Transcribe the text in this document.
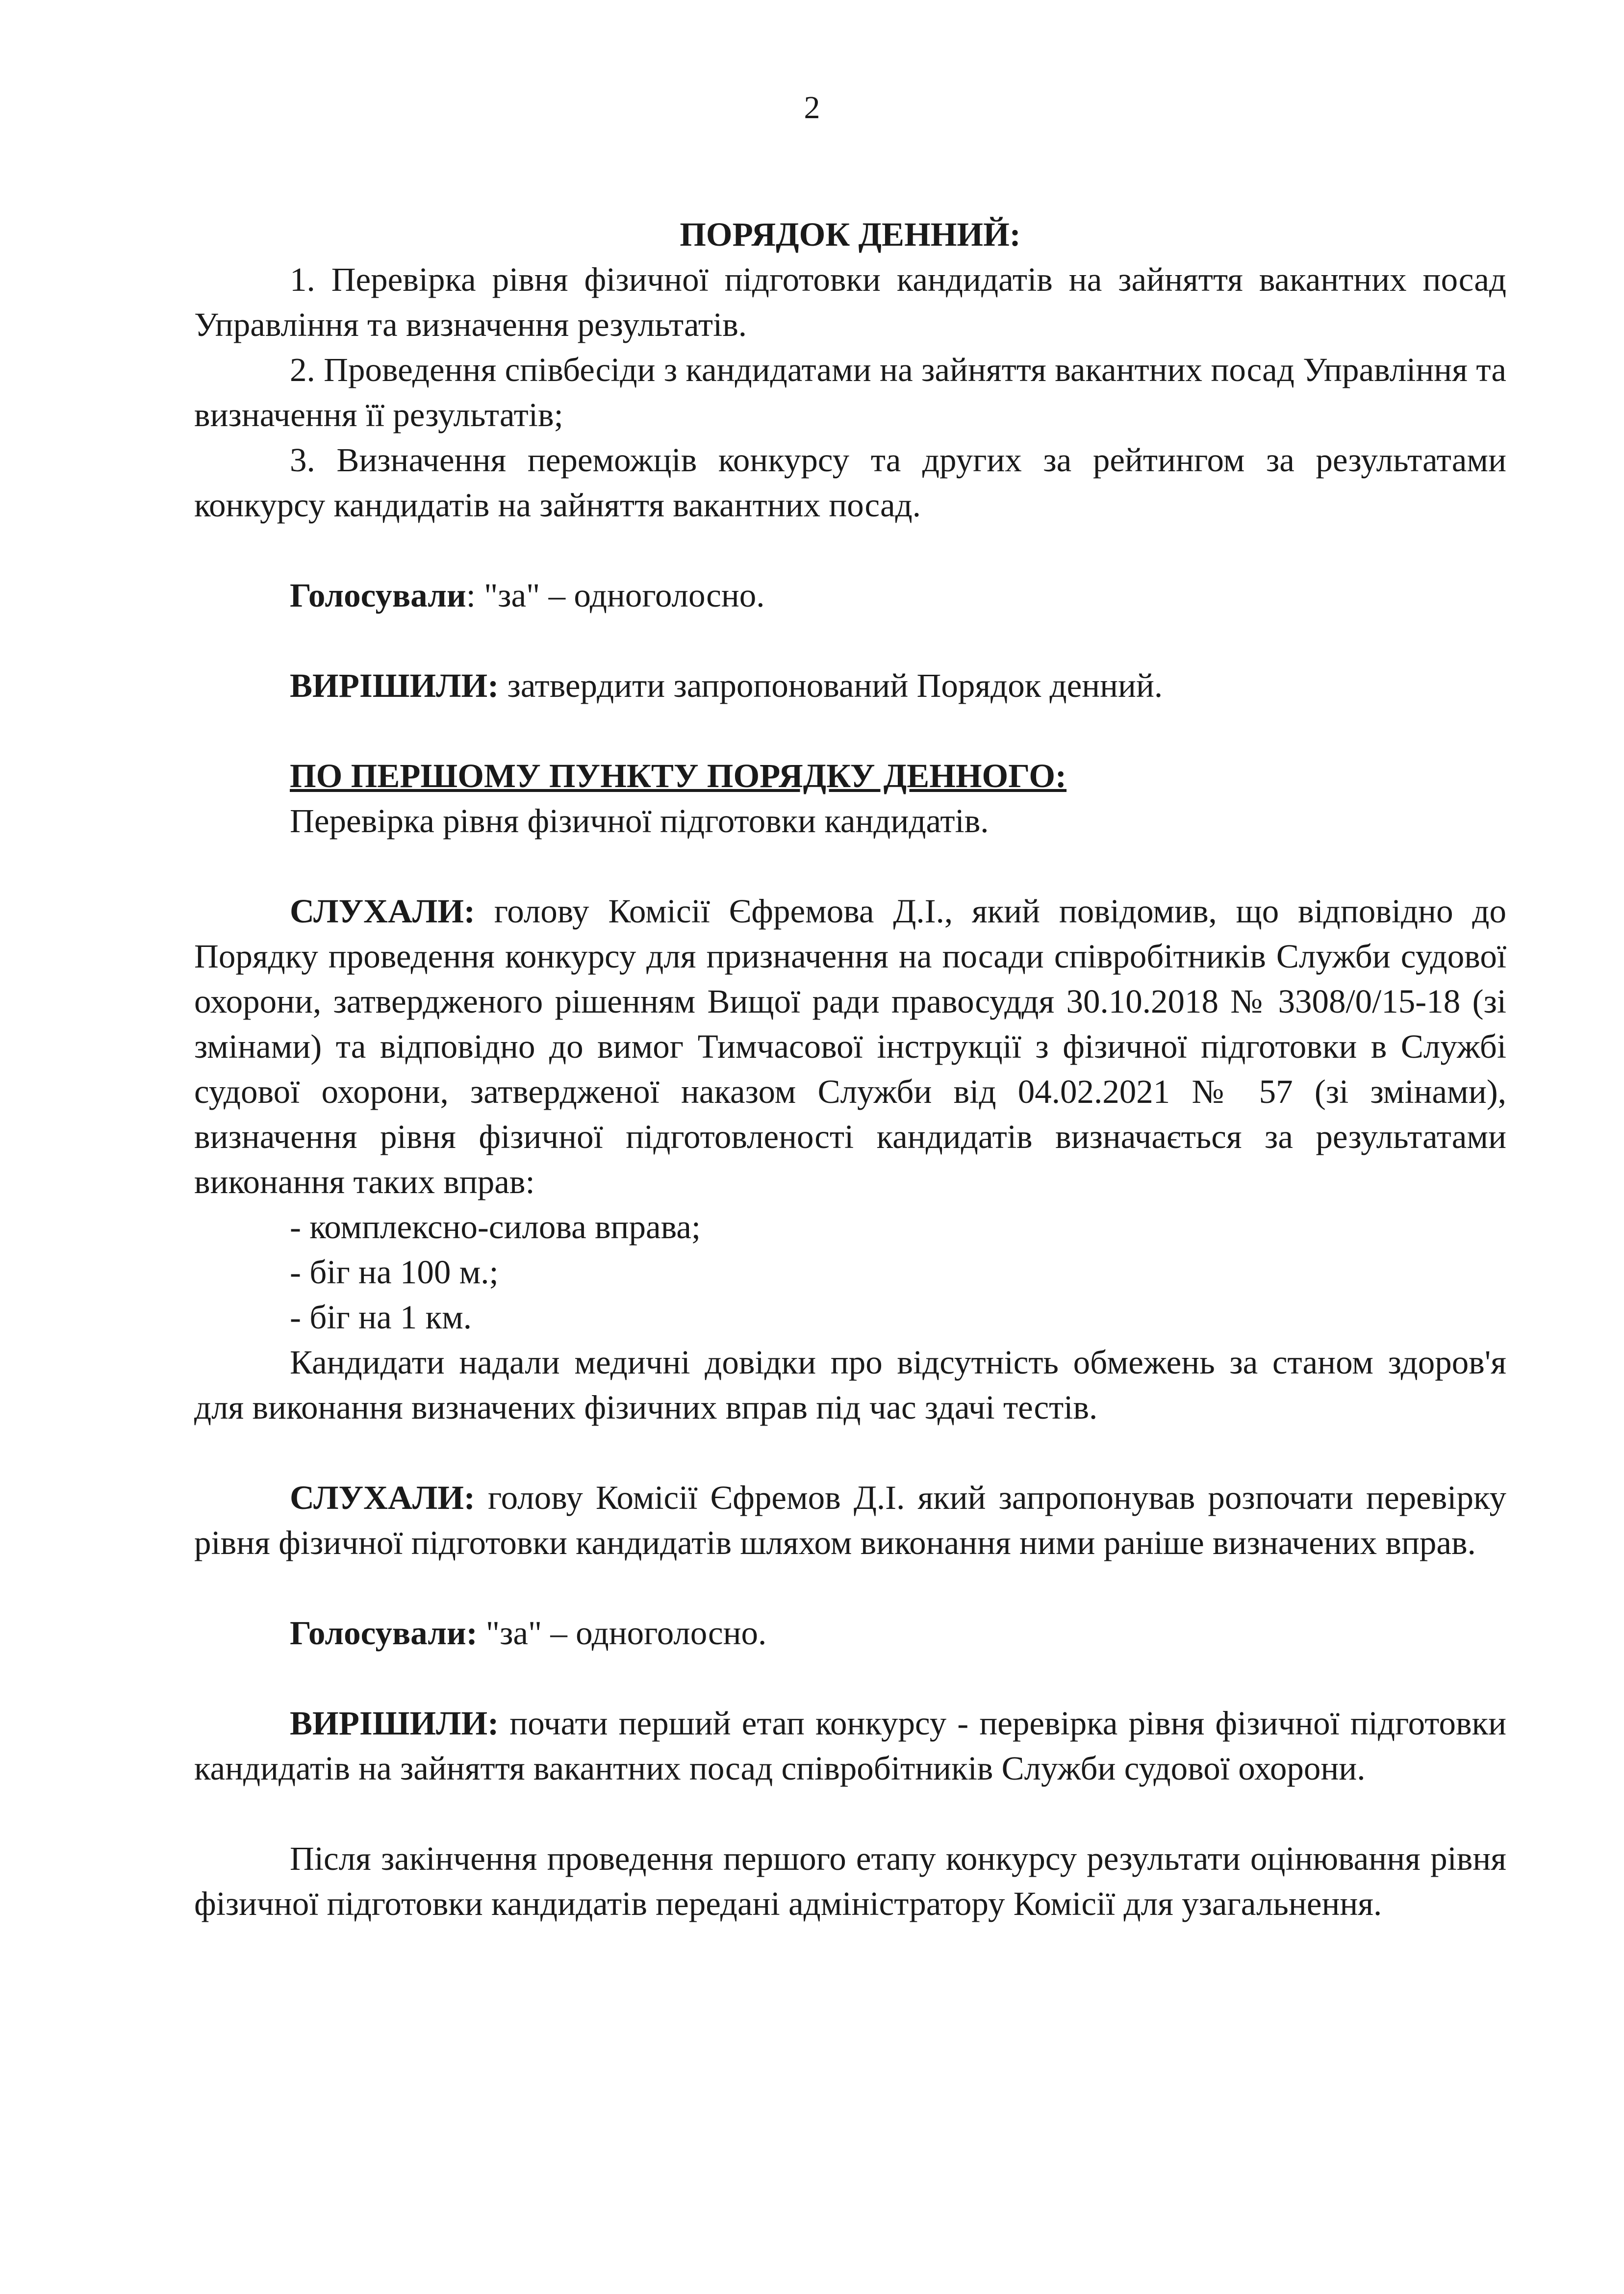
2

ПОРЯДОК ДЕННИЙ:

1. Перевірка рівня фізичної підготовки кандидатів на зайняття вакантних посад Управління та визначення результатів.

2. Проведення співбесіди з кандидатами на зайняття вакантних посад Управління та визначення її результатів;

3. Визначення переможців конкурсу та других за рейтингом за результатами конкурсу кандидатів на зайняття вакантних посад.

Голосували: "за" – одноголосно.

ВИРІШИЛИ: затвердити запропонований Порядок денний.

ПО ПЕРШОМУ ПУНКТУ ПОРЯДКУ ДЕННОГО:

Перевірка рівня фізичної підготовки кандидатів.

СЛУХАЛИ: голову Комісії Єфремова Д.І., який повідомив, що відповідно до Порядку проведення конкурсу для призначення на посади співробітників Служби судової охорони, затвердженого рішенням Вищої ради правосуддя 30.10.2018 № 3308/0/15-18 (зі змінами) та відповідно до вимог Тимчасової інструкції з фізичної підготовки в Службі судової охорони, затвердженої наказом Служби від 04.02.2021 № 57 (зі змінами), визначення рівня фізичної підготовленості кандидатів визначається за результатами виконання таких вправ:

- комплексно-силова вправа;

- біг на 100 м.;

- біг на 1 км.

Кандидати надали медичні довідки про відсутність обмежень за станом здоров'я для виконання визначених фізичних вправ під час здачі тестів.

СЛУХАЛИ: голову Комісії Єфремов Д.І. який запропонував розпочати перевірку рівня фізичної підготовки кандидатів шляхом виконання ними раніше визначених вправ.

Голосували: "за" – одноголосно.

ВИРІШИЛИ: почати перший етап конкурсу - перевірка рівня фізичної підготовки кандидатів на зайняття вакантних посад співробітників Служби судової охорони.

Після закінчення проведення першого етапу конкурсу результати оцінювання рівня фізичної підготовки кандидатів передані адміністратору Комісії для узагальнення.
